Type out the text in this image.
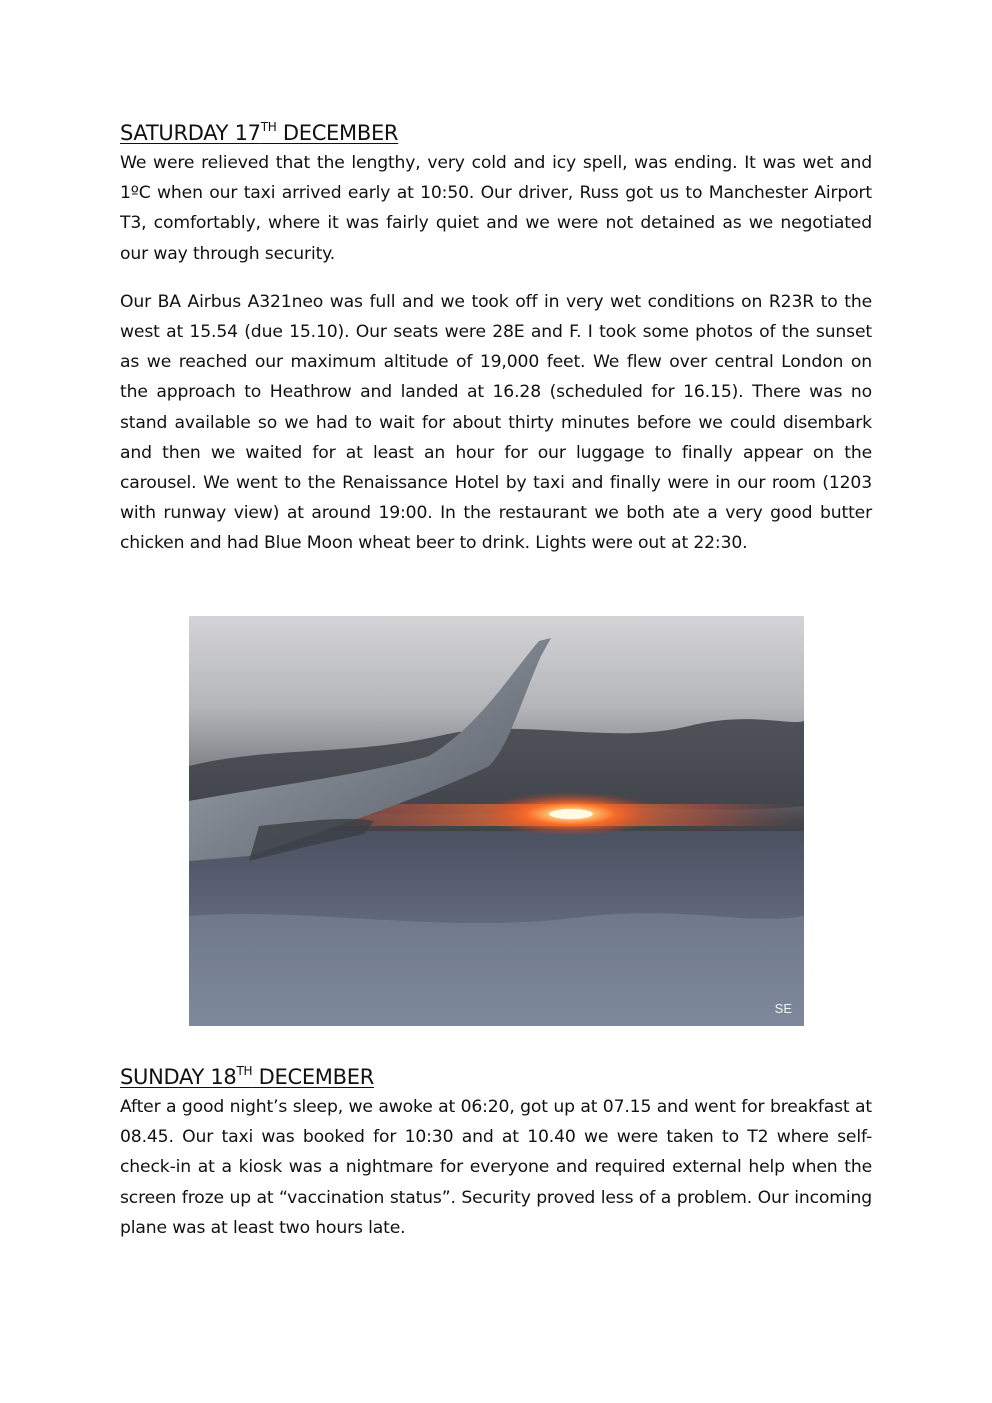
SATURDAY 17TH DECEMBER

We were relieved that the lengthy, very cold and icy spell, was ending. It was wet and 1ºC when our taxi arrived early at 10:50. Our driver, Russ got us to Manchester Airport T3, comfortably, where it was fairly quiet and we were not detained as we negotiated our way through security.

Our BA Airbus A321neo was full and we took off in very wet conditions on R23R to the west at 15.54 (due 15.10). Our seats were 28E and F. I took some photos of the sunset as we reached our maximum altitude of 19,000 feet. We flew over central London on the approach to Heathrow and landed at 16.28 (scheduled for 16.15). There was no stand available so we had to wait for about thirty minutes before we could disembark and then we waited for at least an hour for our luggage to finally appear on the carousel. We went to the Renaissance Hotel by taxi and finally were in our room (1203 with runway view) at around 19:00. In the restaurant we both ate a very good butter chicken and had Blue Moon wheat beer to drink. Lights were out at 22:30.

SE
SUNDAY 18TH DECEMBER

After a good night’s sleep, we awoke at 06:20, got up at 07.15 and went for breakfast at 08.45. Our taxi was booked for 10:30 and at 10.40 we were taken to T2 where self-check-in at a kiosk was a nightmare for everyone and required external help when the screen froze up at “vaccination status”. Security proved less of a problem. Our incoming plane was at least two hours late.
